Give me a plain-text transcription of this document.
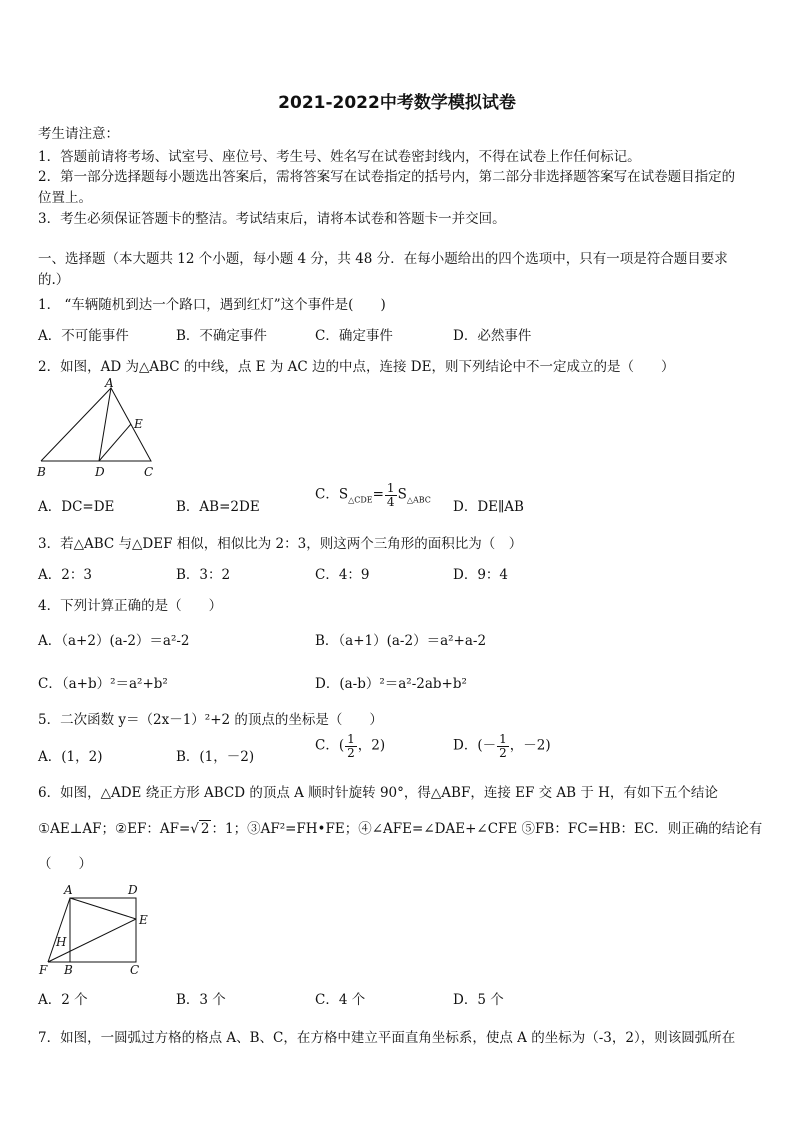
2021-2022中考数学模拟试卷
考生请注意：
1．答题前请将考场、试室号、座位号、考生号、姓名写在试卷密封线内，不得在试卷上作任何标记。
2．第一部分选择题每小题选出答案后，需将答案写在试卷指定的括号内，第二部分非选择题答案写在试卷题目指定的
位置上。
3．考生必须保证答题卡的整洁。考试结束后，请将本试卷和答题卡一并交回。
一、选择题（本大题共 12 个小题，每小题 4 分，共 48 分．在每小题给出的四个选项中，只有一项是符合题目要求
的.）
1． “车辆随机到达一个路口，遇到红灯”这个事件是(　　)
A．不可能事件	B．不确定事件	C．确定事件	D．必然事件
2．如图，AD 为△ABC 的中线，点 E 为 AC 边的中点，连接 DE，则下列结论中不一定成立的是（　　）
A
E
B	D	C
A．DC=DE	B．AB=2DE
C．$S_{\triangle CDE}= \frac{1}{4} S_{\triangle ABC}$ D．DE∥AB
3．若△ABC 与△DEF 相似，相似比为 2：3，则这两个三角形的面积比为（　）
A．2：3	B．3：2	C．4：9	D．9：4
4．下列计算正确的是（　　）
A．（a+2）(a-2）＝a²-2	B．（a+1）(a-2）＝a²+a-2
C．（a+b）²＝a²+b²	D．(a-b）²＝a²-2ab+b²
5．二次函数 y＝（2x－1）²+2 的顶点的坐标是（　　）
A．(1，2)	B．(1，－2)
C．( $\frac{1}{2}$ ，2)	D．(－ $\frac{1}{2}$ ，－2)
6．如图，△ADE 绕正方形 ABCD 的顶点 A 顺时针旋转 90°，得△ABF，连接 EF 交 AB 于 H，有如下五个结论
①AE⊥AF；②EF：AF=√ 2 ：1；③AF²=FH•FE；④∠AFE=∠DAE+∠CFE ⑤FB：FC=HB：EC．则正确的结论有
（　　）
A	D
E
H
F B	C
A．2 个	B．3 个	C．4 个	D．5 个
7．如图，一圆弧过方格的格点 A、B、C，在方格中建立平面直角坐标系，使点 A 的坐标为（-3，2），则该圆弧所在
